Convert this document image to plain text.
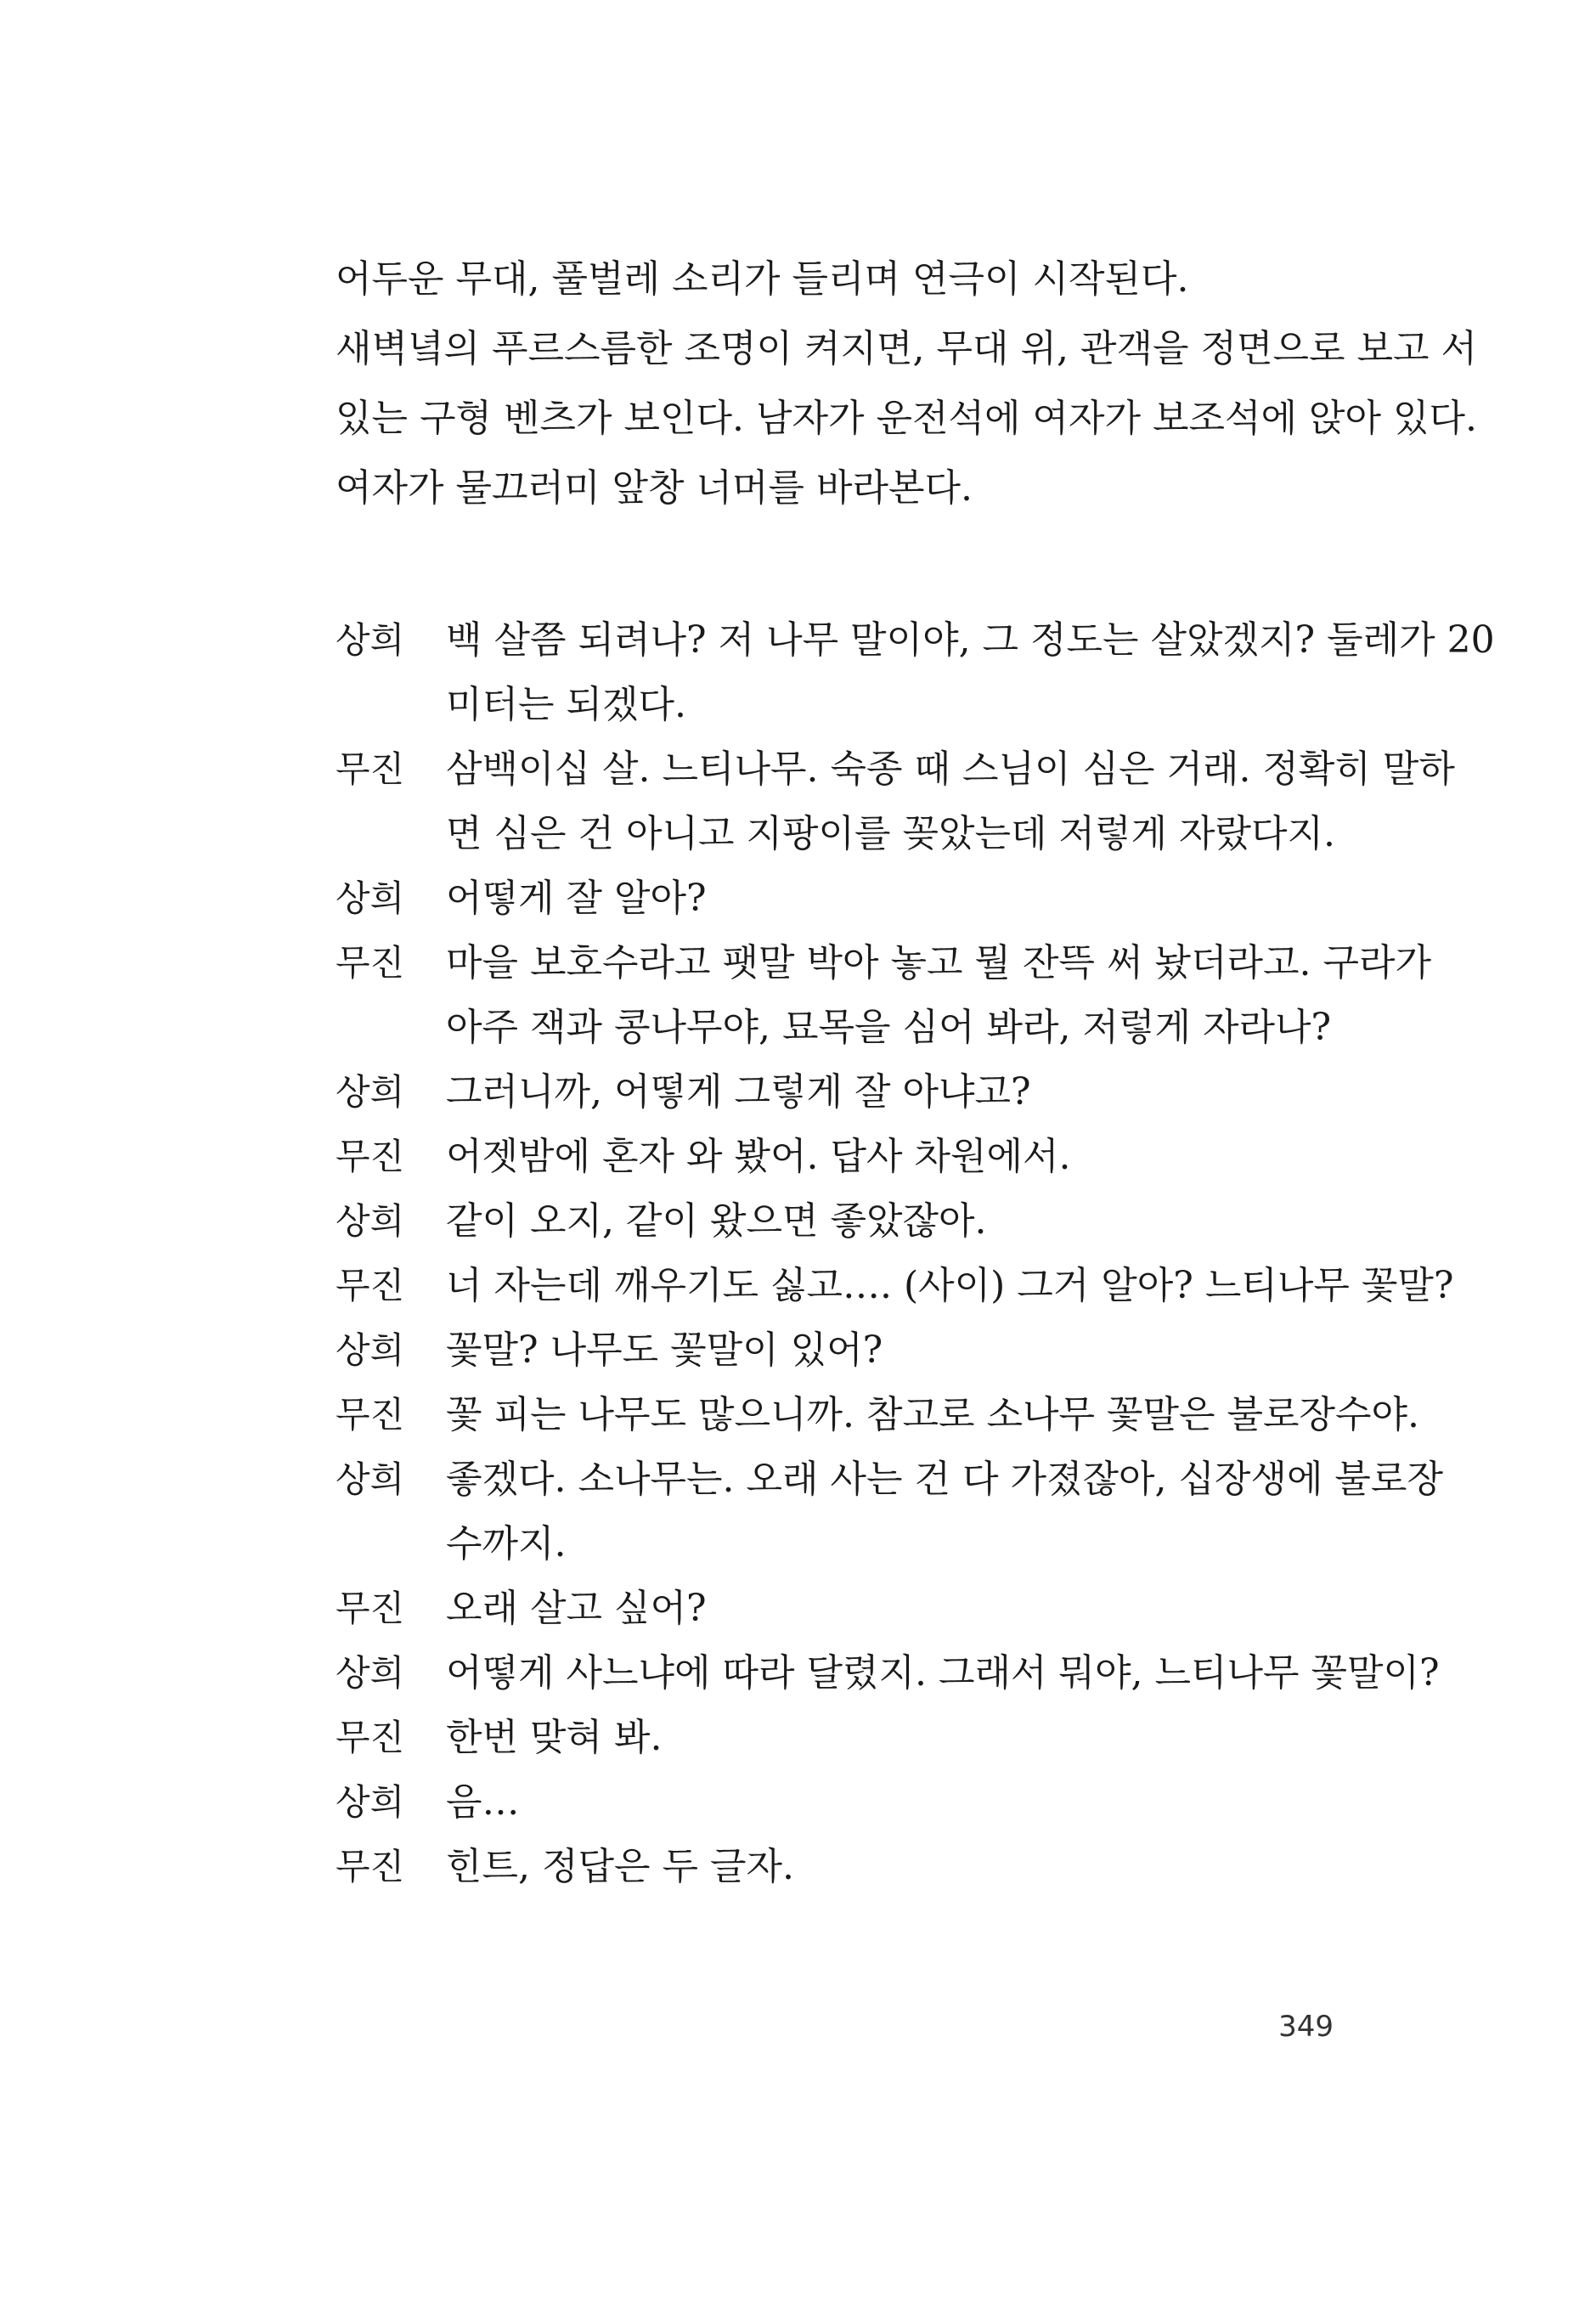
어두운 무대, 풀벌레 소리가 들리며 연극이 시작된다.

새벽녘의 푸르스름한 조명이 켜지면, 무대 위, 관객을 정면으로 보고 서

있는 구형 벤츠가 보인다. 남자가 운전석에 여자가 보조석에 앉아 있다.

여자가 물끄러미 앞창 너머를 바라본다.

상희	백 살쯤 되려나? 저 나무 말이야, 그 정도는 살았겠지? 둘레가 20
미터는 되겠다.
무진	삼백이십 살. 느티나무. 숙종 때 스님이 심은 거래. 정확히 말하
면 심은 건 아니고 지팡이를 꽂았는데 저렇게 자랐다지.
상희	어떻게 잘 알아?
무진	마을 보호수라고 팻말 박아 놓고 뭘 잔뜩 써 놨더라고. 구라가
아주 잭과 콩나무야, 묘목을 심어 봐라, 저렇게 자라나?
상희	그러니까, 어떻게 그렇게 잘 아냐고?
무진	어젯밤에 혼자 와 봤어. 답사 차원에서.
상희	같이 오지, 같이 왔으면 좋았잖아.
무진	너 자는데 깨우기도 싫고…. (사이) 그거 알아? 느티나무 꽃말?
상희	꽃말? 나무도 꽃말이 있어?
무진	꽃 피는 나무도 많으니까. 참고로 소나무 꽃말은 불로장수야.
상희	좋겠다. 소나무는. 오래 사는 건 다 가졌잖아, 십장생에 불로장
수까지.
무진	오래 살고 싶어?
상희	어떻게 사느냐에 따라 달렸지. 그래서 뭐야, 느티나무 꽃말이?
무진	한번 맞혀 봐.
상희	음…
무진	힌트, 정답은 두 글자.
349
